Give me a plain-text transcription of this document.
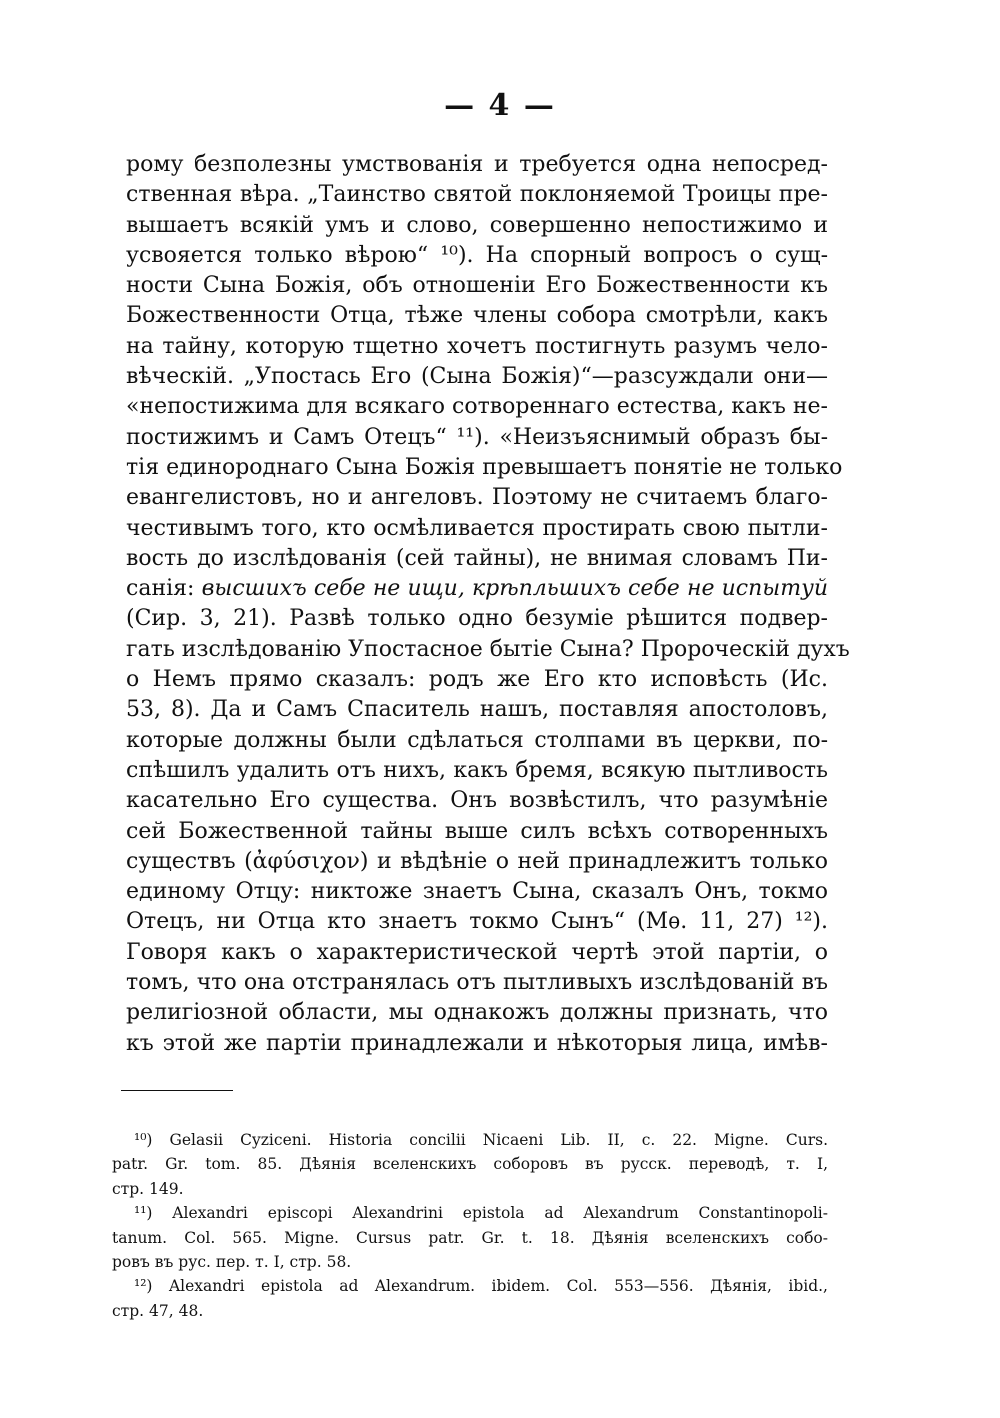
— 4 —
рому безполезны умствованія и требуется одна непосред-
ственная вѣра. „Таинство святой поклоняемой Троицы пре-
вышаетъ всякій умъ и слово, совершенно непостижимо и
усвояется только вѣрою“ ¹⁰). На спорный вопросъ о сущ-
ности Сына Божія, объ отношеніи Его Божественности къ
Божественности Отца, тѣже члены собора смотрѣли, какъ
на тайну, которую тщетно хочетъ постигнуть разумъ чело-
вѣческій. „Упостась Его (Сына Божія)“—разсуждали они—
«непостижима для всякаго сотвореннаго естества, какъ не-
постижимъ и Самъ Отецъ“ ¹¹). «Неизъяснимый образъ бы-
тія единороднаго Сына Божія превышаетъ понятіе не только
евангелистовъ, но и ангеловъ. Поэтому не считаемъ благо-
честивымъ того, кто осмѣливается простирать свою пытли-
вость до изслѣдованія (сей тайны), не внимая словамъ Пи-
санія: высшихъ себе не ищи, крѣпльшихъ себе не испытуй
(Сир. 3, 21). Развѣ только одно безуміе рѣшится подвер-
гать изслѣдованію Упостасное бытіе Сына? Пророческій духъ
о Немъ прямо сказалъ: родъ же Его кто исповѣсть (Ис.
53, 8). Да и Самъ Спаситель нашъ, поставляя апостоловъ,
которые должны были сдѣлаться столпами въ церкви, по-
спѣшилъ удалить отъ нихъ, какъ бремя, всякую пытливость
касательно Его существа. Онъ возвѣстилъ, что разумѣніе
сей Божественной тайны выше силъ всѣхъ сотворенныхъ
существъ (ἀφύσιχον) и вѣдѣніе о ней принадлежитъ только
единому Отцу: никтоже знаетъ Сына, сказалъ Онъ, токмо
Отецъ, ни Отца кто знаетъ токмо Сынъ“ (Мѳ. 11, 27) ¹²).
Говоря какъ о характеристической чертѣ этой партіи, о
томъ, что она отстранялась отъ пытливыхъ изслѣдованій въ
религіозной области, мы однакожъ должны признать, что
къ этой же партіи принадлежали и нѣкоторыя лица, имѣв-
¹⁰) Gelasii Cyziceni. Historia concilii Nicaeni Lib. II, c. 22. Migne. Curs.
patr. Gr. tom. 85. Дѣянія вселенскихъ соборовъ въ русск. переводѣ, т. I,
стр. 149.
¹¹) Alexandri episcopi Alexandrini epistola ad Alexandrum Constantinopoli-
tanum. Col. 565. Migne. Cursus patr. Gr. t. 18. Дѣянія вселенскихъ собо-
ровъ въ рус. пер. т. I, стр. 58.
¹²) Alexandri epistola ad Alexandrum. ibidem. Col. 553—556. Дѣянія, ibid.,
стр. 47, 48.
